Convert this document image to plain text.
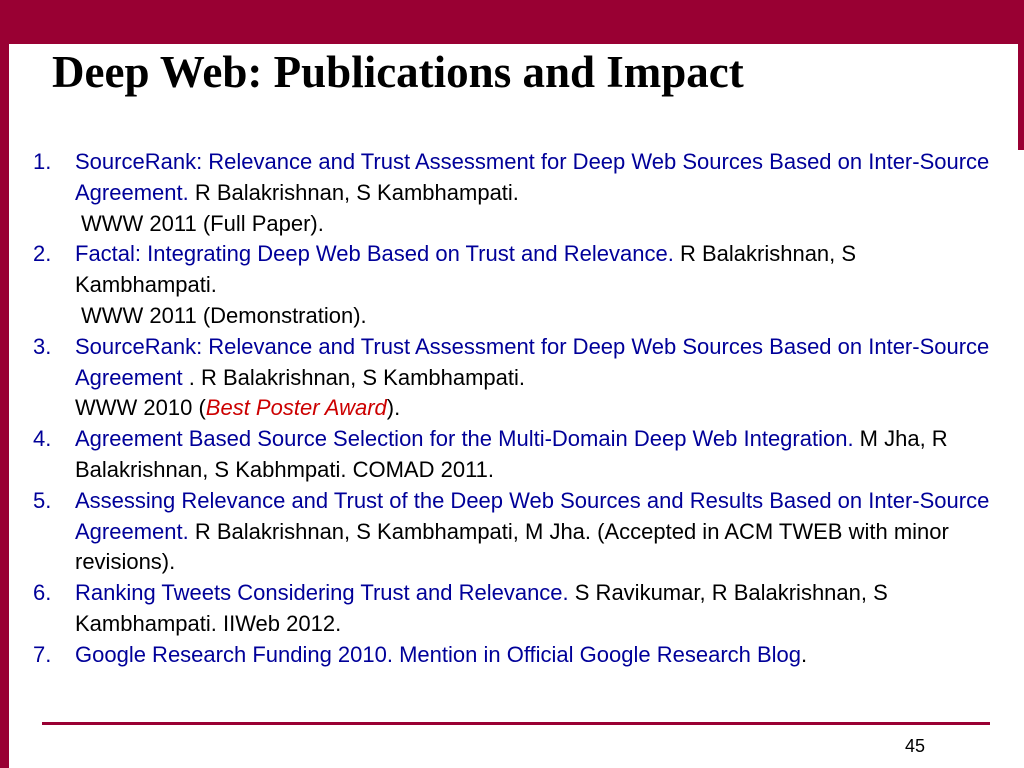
Deep Web: Publications and Impact
1.	SourceRank: Relevance and Trust Assessment for Deep Web Sources Based on Inter-Source Agreement. R Balakrishnan, S Kambhampati.
WWW 2011 (Full Paper).
2.	Factal: Integrating Deep Web Based on Trust and Relevance. R Balakrishnan, S Kambhampati.
WWW 2011 (Demonstration).
3.	SourceRank: Relevance and Trust Assessment for Deep Web Sources Based on Inter-Source Agreement . R Balakrishnan, S Kambhampati.
WWW 2010 (Best Poster Award).
4.	Agreement Based Source Selection for the Multi-Domain Deep Web Integration. M Jha, R Balakrishnan, S Kabhmpati. COMAD 2011.
5.	Assessing Relevance and Trust of the Deep Web Sources and Results Based on Inter-Source Agreement. R Balakrishnan, S Kambhampati, M Jha. (Accepted in ACM TWEB with minor revisions).
6.	Ranking Tweets Considering Trust and Relevance. S Ravikumar, R Balakrishnan, S Kambhampati. IIWeb 2012.
7.	Google Research Funding 2010. Mention in Official Google Research Blog.
45
